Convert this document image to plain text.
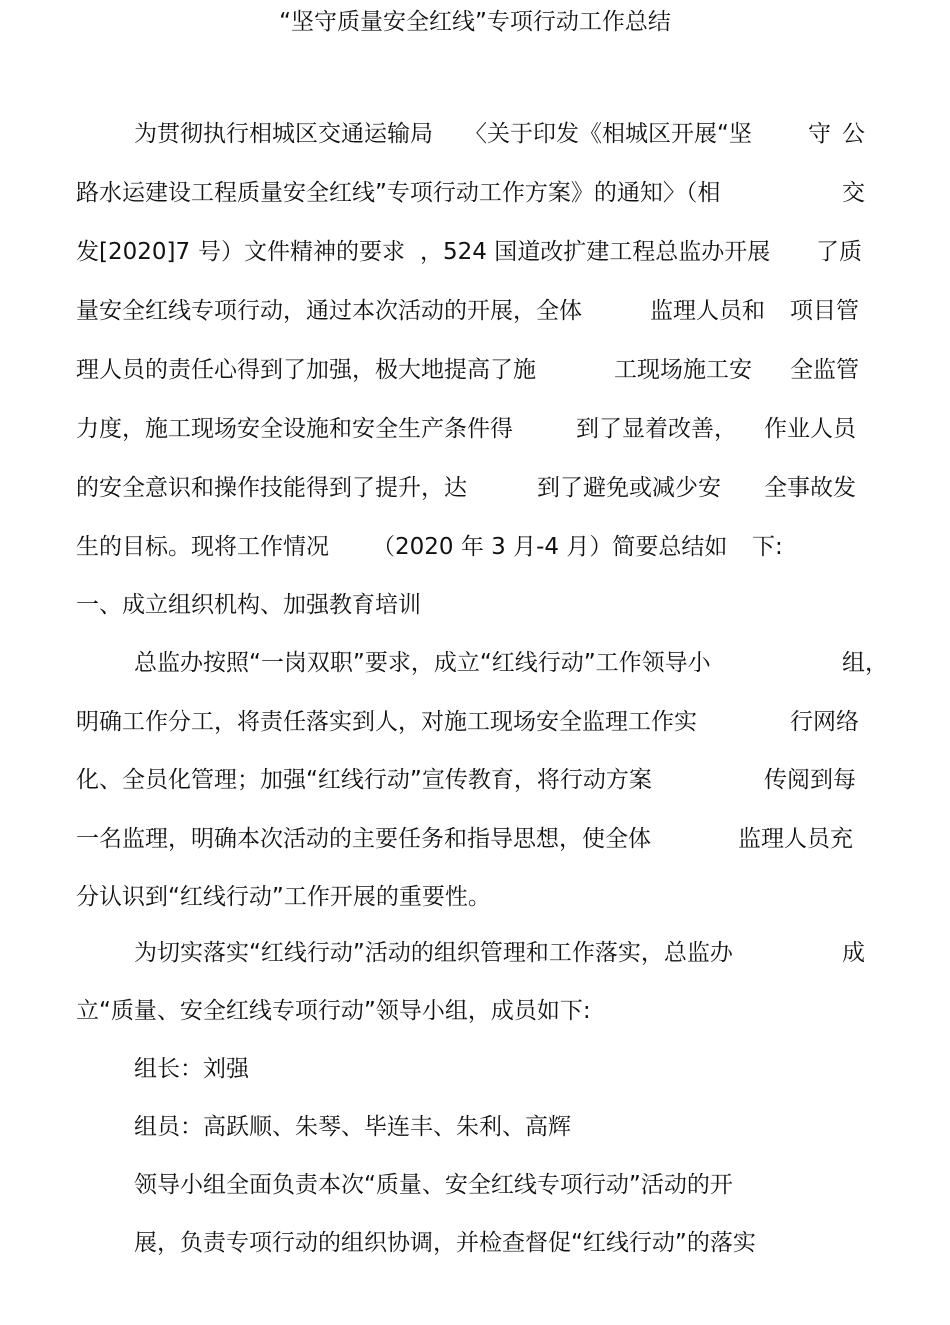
“坚守质量安全红线”专项行动工作总结
为贯彻执行相城区交通运输局 〈关于印发《相城区开展“坚 守 公
路水运建设工程质量安全红线”专项行动工作方案》的通知〉（相	交
发[2020]7 号）文件精神的要求 ，524 国道改扩建工程总监办开展 了质
量安全红线专项行动，通过本次活动的开展，全体	监理人员和 项目管
理人员的责任心得到了加强，极大地提高了施	工现场施工安 全监管
力度，施工现场安全设施和安全生产条件得	到了显着改善， 作业人员
的安全意识和操作技能得到了提升，达	到了避免或减少安 全事故发
生的目标。现将工作情况 （2020 年 3 月-4 月）简要总结如 下:
一、成立组织机构、加强教育培训
总监办按照“一岗双职”要求，成立“红线行动”工作领导小	组，
明确工作分工，将责任落实到人，对施工现场安全监理工作实	行网络
化、全员化管理；加强“红线行动”宣传教育，将行动方案	传阅到每
一名监理，明确本次活动的主要任务和指导思想，使全体	监理人员充
分认识到“红线行动”工作开展的重要性。
为切实落实“红线行动”活动的组织管理和工作落实，总监办	成
立“质量、安全红线专项行动”领导小组，成员如下:
组长：刘强
组员：高跃顺、朱琴、毕连丰、朱利、高辉
领导小组全面负责本次“质量、安全红线专项行动”活动的开
展，负责专项行动的组织协调，并检查督促“红线行动”的落实
